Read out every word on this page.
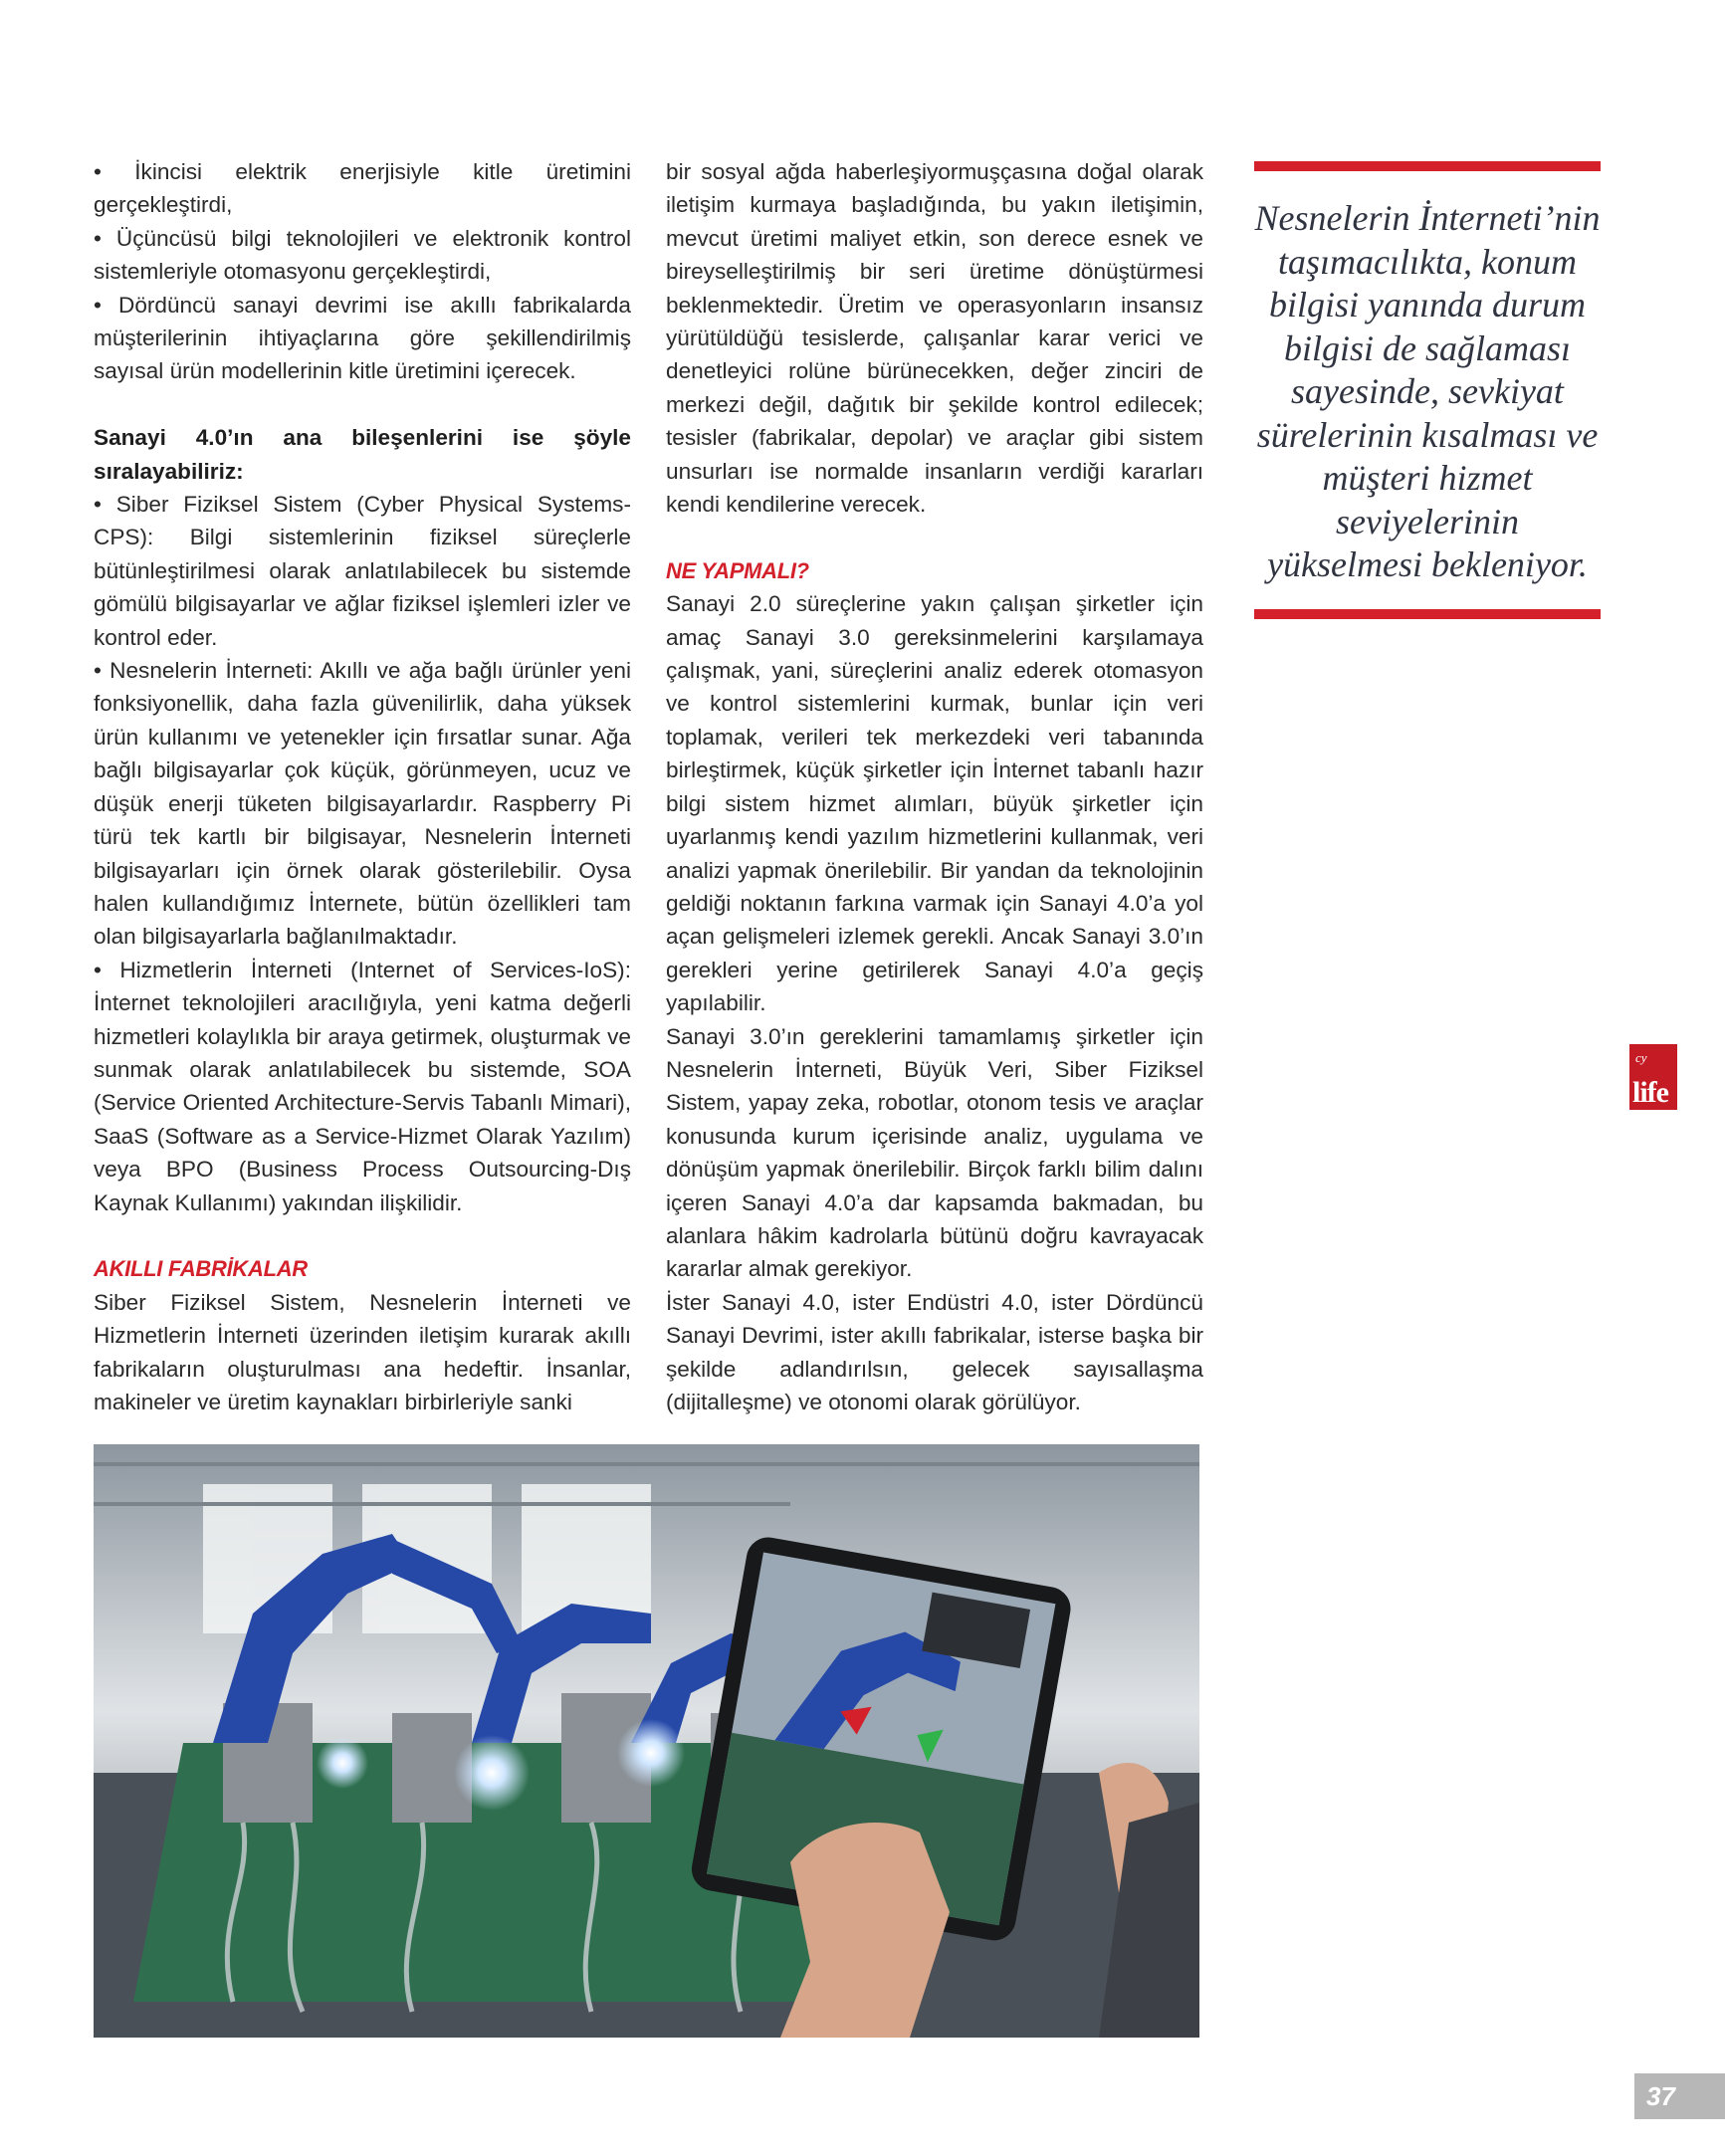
• İkincisi elektrik enerjisiyle kitle üretimini gerçekleştirdi,

• Üçüncüsü bilgi teknolojileri ve elektronik kontrol sistemleriyle otomasyonu gerçekleştirdi,

• Dördüncü sanayi devrimi ise akıllı fabrikalarda müşterilerinin ihtiyaçlarına göre şekillendirilmiş sayısal ürün modellerinin kitle üretimini içerecek.

Sanayi 4.0’ın ana bileşenlerini ise şöyle sıralayabiliriz:

• Siber Fiziksel Sistem (Cyber Physical Systems-CPS): Bilgi sistemlerinin fiziksel süreçlerle bütünleştirilmesi olarak anlatılabilecek bu sistemde gömülü bilgisayarlar ve ağlar fiziksel işlemleri izler ve kontrol eder.

• Nesnelerin İnterneti: Akıllı ve ağa bağlı ürünler yeni fonksiyonellik, daha fazla güvenilirlik, daha yüksek ürün kullanımı ve yetenekler için fırsatlar sunar. Ağa bağlı bilgisayarlar çok küçük, görünmeyen, ucuz ve düşük enerji tüketen bilgisayarlardır. Raspberry Pi türü tek kartlı bir bilgisayar, Nesnelerin İnterneti bilgisayarları için örnek olarak gösterilebilir. Oysa halen kullandığımız İnternete, bütün özellikleri tam olan bilgisayarlarla bağlanılmaktadır.

• Hizmetlerin İnterneti (Internet of Services-IoS): İnternet teknolojileri aracılığıyla, yeni katma değerli hizmetleri kolaylıkla bir araya getirmek, oluşturmak ve sunmak olarak anlatılabilecek bu sistemde, SOA (Service Oriented Architecture-Servis Tabanlı Mimari), SaaS (Software as a Service-Hizmet Olarak Yazılım) veya BPO (Business Process Outsourcing-Dış Kaynak Kullanımı) yakından ilişkilidir.

AKILLI FABRİKALAR

Siber Fiziksel Sistem, Nesnelerin İnterneti ve Hizmetlerin İnterneti üzerinden iletişim kurarak akıllı fabrikaların oluşturulması ana hedeftir. İnsanlar, makineler ve üretim kaynakları birbirleriyle sanki

bir sosyal ağda haberleşiyormuşçasına doğal olarak iletişim kurmaya başladığında, bu yakın iletişimin, mevcut üretimi maliyet etkin, son derece esnek ve bireyselleştirilmiş bir seri üretime dönüştürmesi beklenmektedir. Üretim ve operasyonların insansız yürütüldüğü tesislerde, çalışanlar karar verici ve denetleyici rolüne bürünecekken, değer zinciri de merkezi değil, dağıtık bir şekilde kontrol edilecek; tesisler (fabrikalar, depolar) ve araçlar gibi sistem unsurları ise normalde insanların verdiği kararları kendi kendilerine verecek.

NE YAPMALI?

Sanayi 2.0 süreçlerine yakın çalışan şirketler için amaç Sanayi 3.0 gereksinmelerini karşılamaya çalışmak, yani, süreçlerini analiz ederek otomasyon ve kontrol sistemlerini kurmak, bunlar için veri toplamak, verileri tek merkezdeki veri tabanında birleştirmek, küçük şirketler için İnternet tabanlı hazır bilgi sistem hizmet alımları, büyük şirketler için uyarlanmış kendi yazılım hizmetlerini kullanmak, veri analizi yapmak önerilebilir. Bir yandan da teknolojinin geldiği noktanın farkına varmak için Sanayi 4.0’a yol açan gelişmeleri izlemek gerekli. Ancak Sanayi 3.0’ın gerekleri yerine getirilerek Sanayi 4.0’a geçiş yapılabilir.

Sanayi 3.0’ın gereklerini tamamlamış şirketler için Nesnelerin İnterneti, Büyük Veri, Siber Fiziksel Sistem, yapay zeka, robotlar, otonom tesis ve araçlar konusunda kurum içerisinde analiz, uygulama ve dönüşüm yapmak önerilebilir. Birçok farklı bilim dalını içeren Sanayi 4.0’a dar kapsamda bakmadan, bu alanlara hâkim kadrolarla bütünü doğru kavrayacak kararlar almak gerekiyor.

İster Sanayi 4.0, ister Endüstri 4.0, ister Dördüncü Sanayi Devrimi, ister akıllı fabrikalar, isterse başka bir şekilde adlandırılsın, gelecek sayısallaşma (dijitalleşme) ve otonomi olarak görülüyor.

Nesnelerin İnterneti’nin taşımacılıkta, konum bilgisi yanında durum bilgisi de sağlaması sayesinde, sevkiyat sürelerinin kısalması ve müşteri hizmet seviyelerinin yükselmesi bekleniyor.
cy
life
37
